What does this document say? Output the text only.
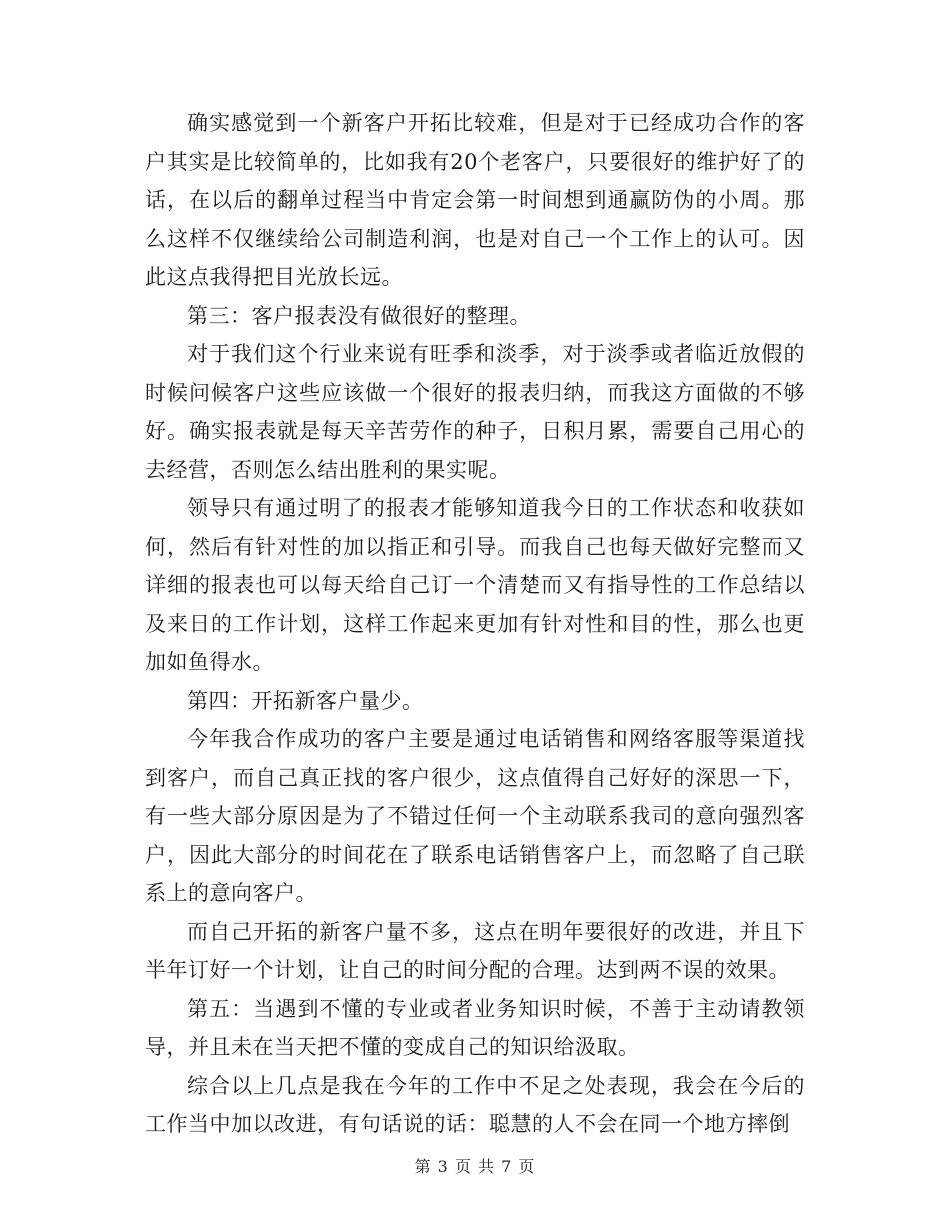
确实感觉到一个新客户开拓比较难，但是对于已经成功合作的客户其实是比较简单的，比如我有20个老客户，只要很好的维护好了的话，在以后的翻单过程当中肯定会第一时间想到通赢防伪的小周。那么这样不仅继续给公司制造利润，也是对自己一个工作上的认可。因此这点我得把目光放长远。

第三：客户报表没有做很好的整理。

对于我们这个行业来说有旺季和淡季，对于淡季或者临近放假的时候问候客户这些应该做一个很好的报表归纳，而我这方面做的不够好。确实报表就是每天辛苦劳作的种子，日积月累，需要自己用心的去经营，否则怎么结出胜利的果实呢。

领导只有通过明了的报表才能够知道我今日的工作状态和收获如何，然后有针对性的加以指正和引导。而我自己也每天做好完整而又详细的报表也可以每天给自己订一个清楚而又有指导性的工作总结以及来日的工作计划，这样工作起来更加有针对性和目的性，那么也更加如鱼得水。

第四：开拓新客户量少。

今年我合作成功的客户主要是通过电话销售和网络客服等渠道找到客户，而自己真正找的客户很少，这点值得自己好好的深思一下，有一些大部分原因是为了不错过任何一个主动联系我司的意向强烈客户，因此大部分的时间花在了联系电话销售客户上，而忽略了自己联系上的意向客户。

而自己开拓的新客户量不多，这点在明年要很好的改进，并且下半年订好一个计划，让自己的时间分配的合理。达到两不误的效果。

第五：当遇到不懂的专业或者业务知识时候，不善于主动请教领导，并且未在当天把不懂的变成自己的知识给汲取。

综合以上几点是我在今年的工作中不足之处表现，我会在今后的工作当中加以改进，有句话说的话：聪慧的人不会在同一个地方摔倒

第 3 页 共 7 页
